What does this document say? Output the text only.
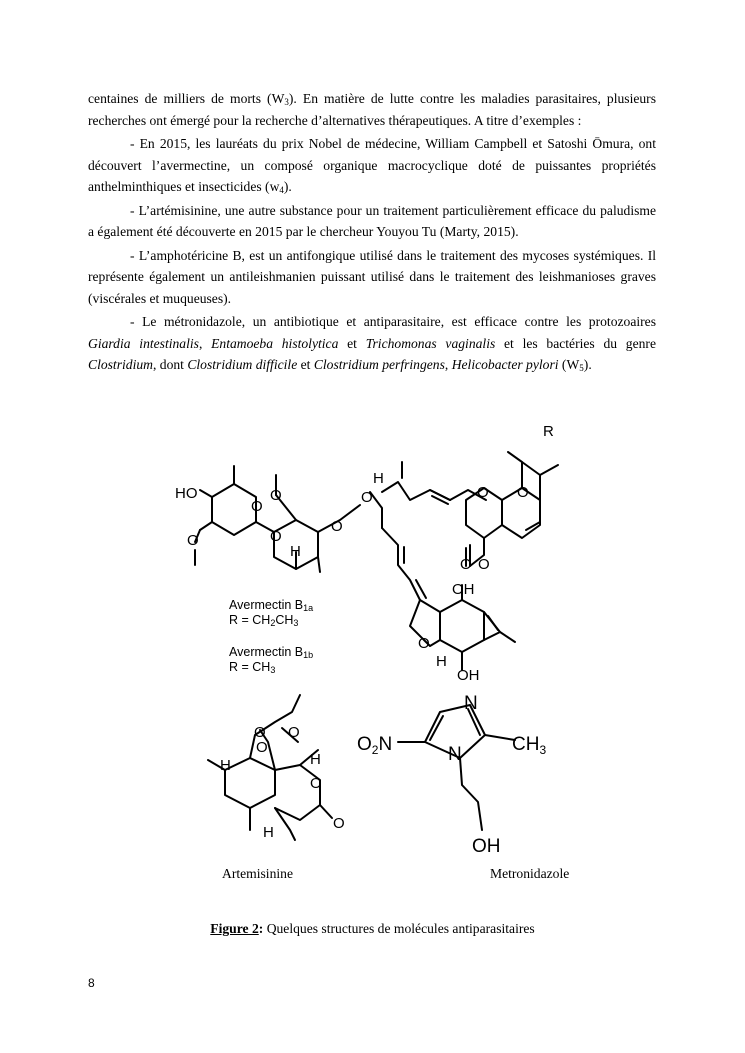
centaines de milliers de morts $(W_3)$. En matière de lutte contre les maladies parasitaires, plusieurs recherches ont émergé pour la recherche d’alternatives thérapeutiques. A titre d’exemples :

- En 2015, les lauréats du prix Nobel de médecine, William Campbell et Satoshi Ōmura, ont découvert l’avermectine, un composé organique macrocyclique doté de puissantes propriétés anthelminthiques et insecticides $(w_4)$.

- L’artémisinine, une autre substance pour un traitement particulièrement efficace du paludisme a également été découverte en 2015 par le chercheur Youyou Tu (Marty, 2015).

- L’amphotéricine B, est un antifongique utilisé dans le traitement des mycoses systémiques. Il représente également un antileishmanien puissant utilisé dans le traitement des leishmanioses graves (viscérales et muqueuses).

- Le métronidazole, un antibiotique et antiparasitaire, est efficace contre les protozoaires Giardia intestinalis, Entamoeba histolytica et Trichomonas vaginalis et les bactéries du genre Clostridium, dont Clostridium difficile et Clostridium perfringens, Helicobacter pylori $(W_5)$.

R
HO
O
O
O
O
O
O
H
H
O O
O O
OH
O
H
OH
O
O
O
H
O
O
H
H
N
N
$O_2N$	$CH_3$
OH
Avermectin $B_{1a}$
$R = CH_2CH_3$
Avermectin $B_{1b}$
$R = CH_3$
Artemisinine	Metronidazole
Figure 2: Quelques structures de molécules antiparasitaires
8
